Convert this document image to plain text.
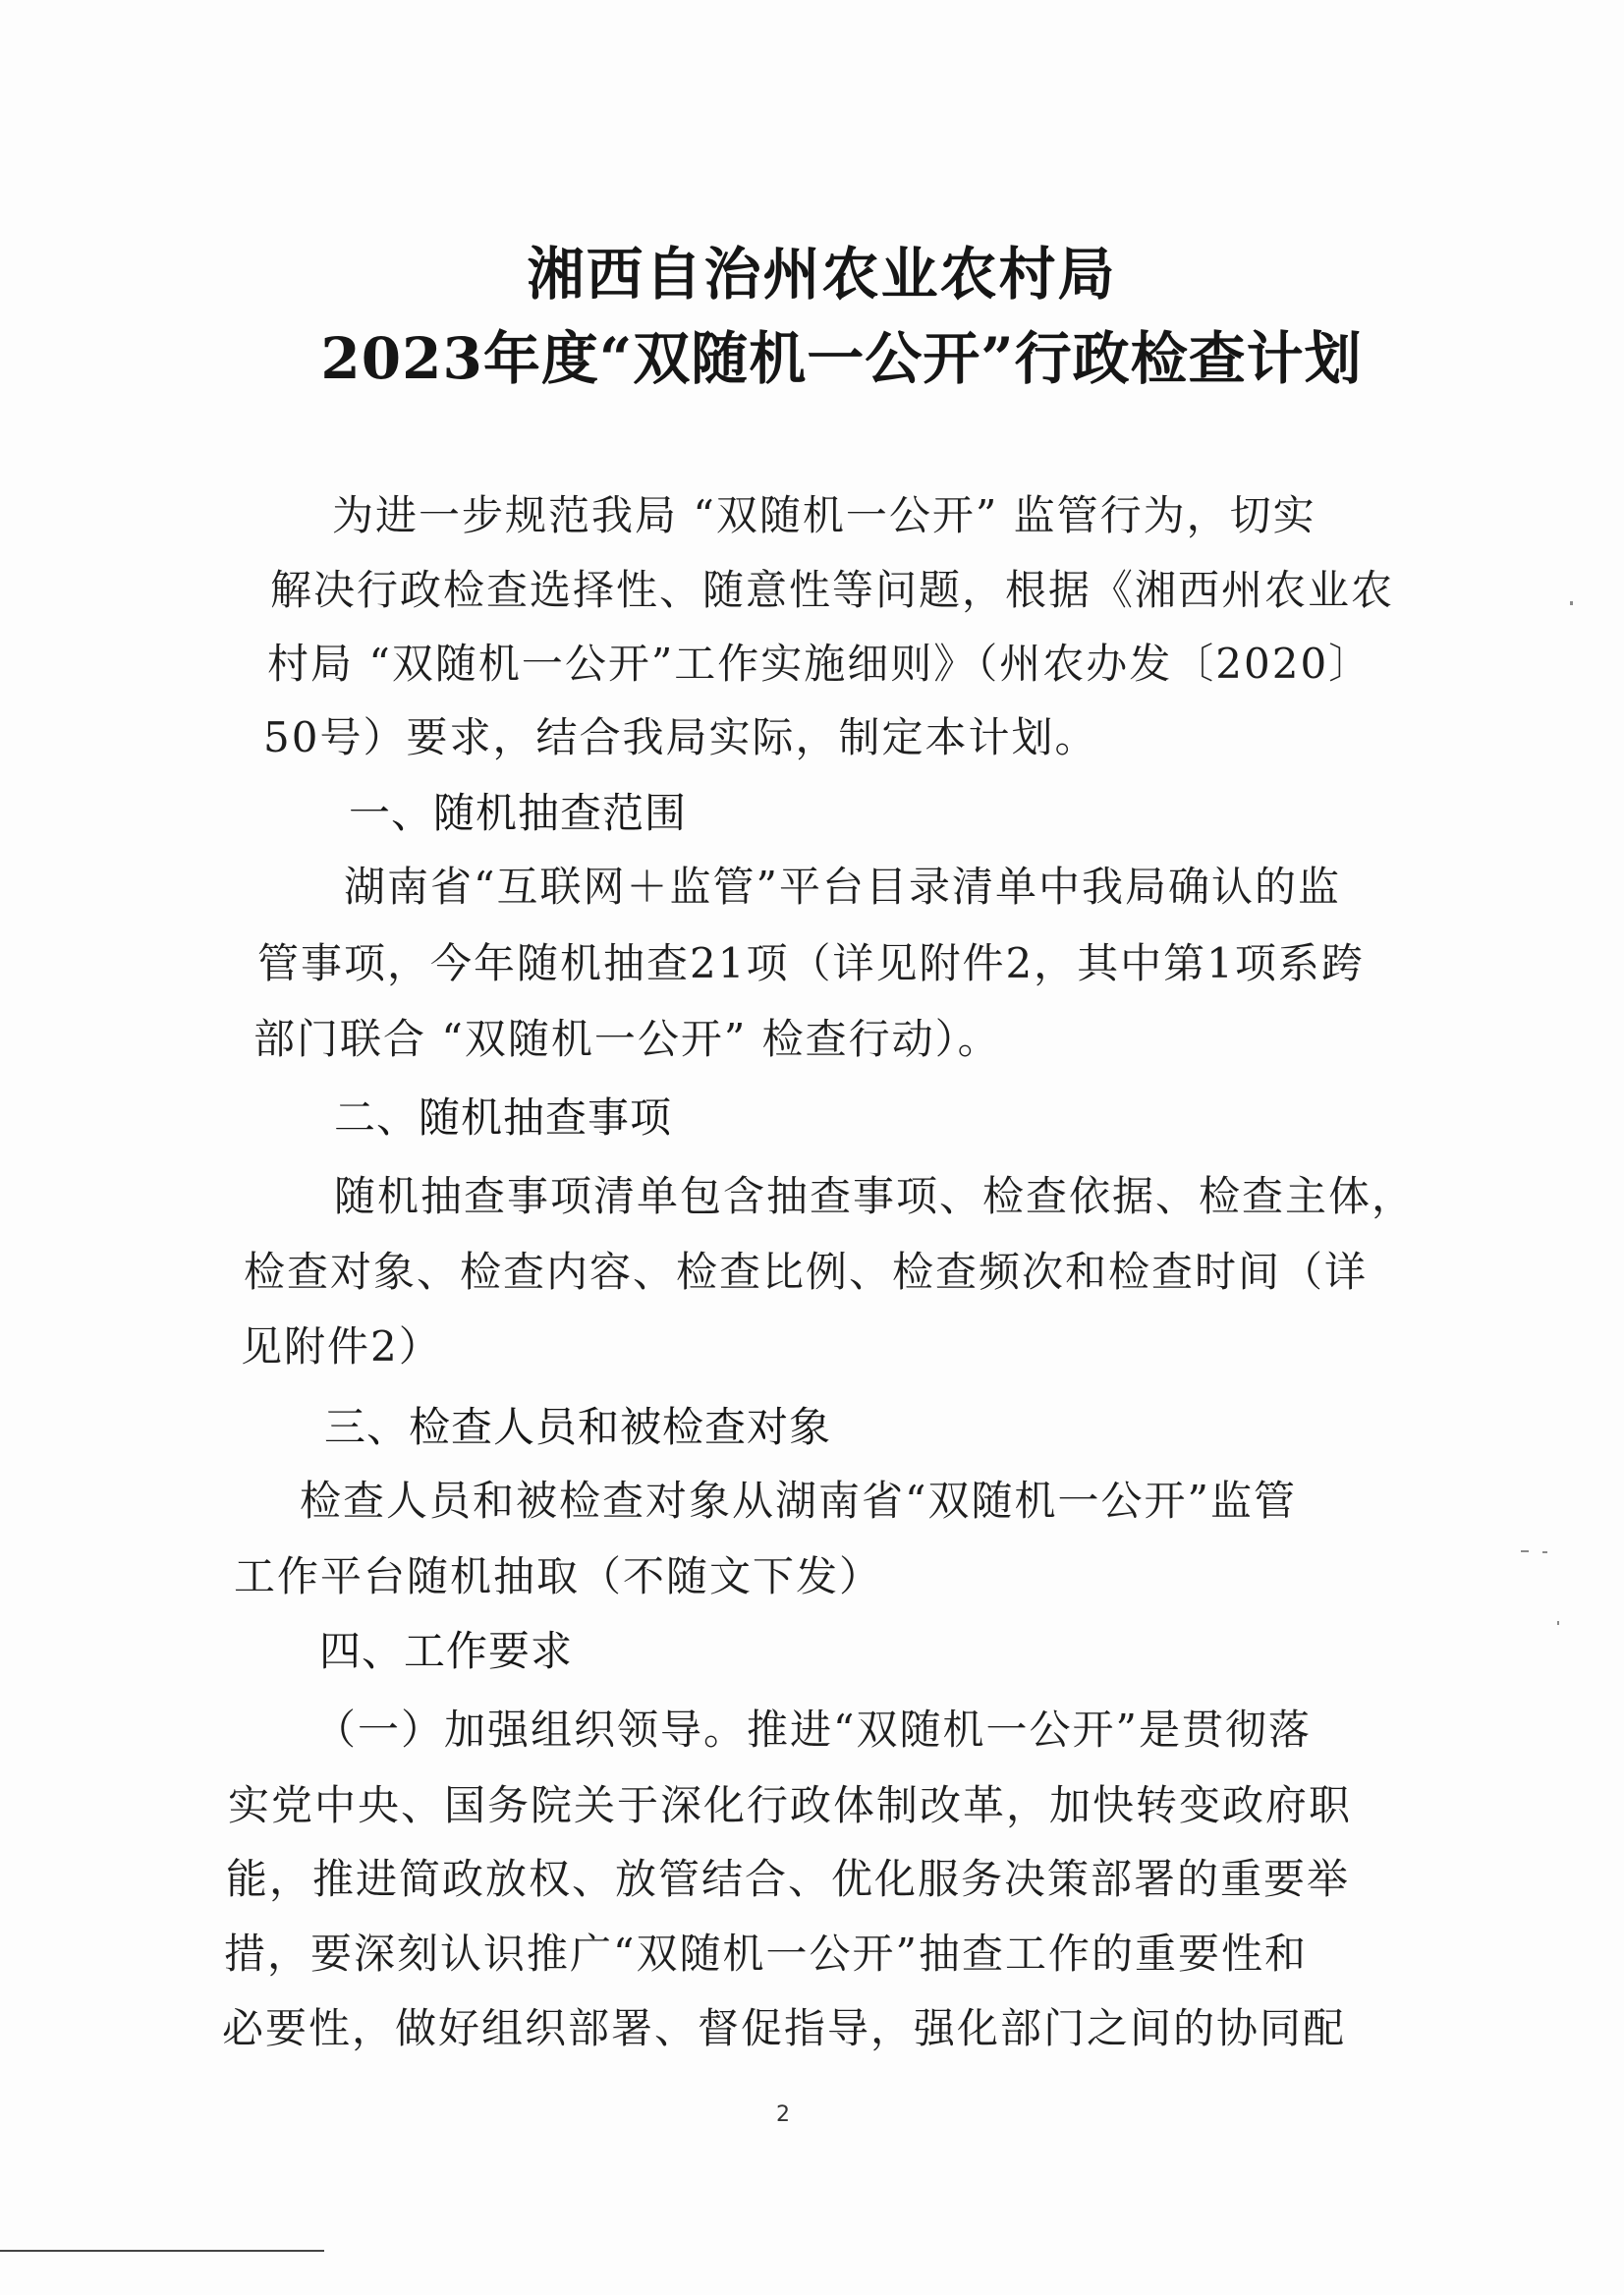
湘西自治州农业农村局
2023年度“双随机一公开”行政检查计划
为进一步规范我局 “双随机一公开” 监管行为，切实
解决行政检查选择性、随意性等问题，根据《湘西州农业农
村局 “双随机一公开”工作实施细则》（州农办发〔2020〕
50号）要求，结合我局实际，制定本计划。
一、随机抽查范围
湖南省“互联网＋监管”平台目录清单中我局确认的监
管事项，今年随机抽查21项（详见附件2，其中第1项系跨
部门联合 “双随机一公开” 检查行动）。
二、随机抽查事项
随机抽查事项清单包含抽查事项、检查依据、检查主体，
检查对象、检查内容、检查比例、检查频次和检查时间（详
见附件2）
三、检查人员和被检查对象
检查人员和被检查对象从湖南省“双随机一公开”监管
工作平台随机抽取（不随文下发）
四、工作要求
（一）加强组织领导。推进“双随机一公开”是贯彻落
实党中央、国务院关于深化行政体制改革，加快转变政府职
能，推进简政放权、放管结合、优化服务决策部署的重要举
措，要深刻认识推广“双随机一公开”抽查工作的重要性和
必要性，做好组织部署、督促指导，强化部门之间的协同配
2
